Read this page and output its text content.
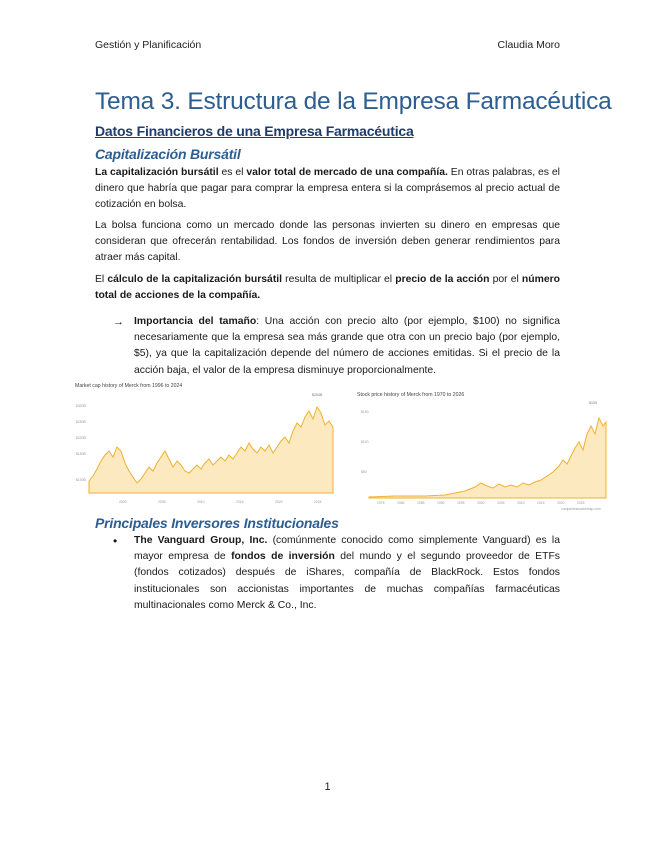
Gestión y Planificación	Claudia Moro
Tema 3. Estructura de la Empresa Farmacéutica
Datos Financieros de una Empresa Farmacéutica
Capitalización Bursátil

La capitalización bursátil es el valor total de mercado de una compañía. En otras palabras, es el dinero que habría que pagar para comprar la empresa entera si la comprásemos al precio actual de cotización en bolsa.

La bolsa funciona como un mercado donde las personas invierten su dinero en empresas que consideran que ofrecerán rentabilidad. Los fondos de inversión deben generar rendimientos para atraer más capital.

El cálculo de la capitalización bursátil resulta de multiplicar el precio de la acción por el número total de acciones de la compañía.

→ Importancia del tamaño: Una acción con precio alto (por ejemplo, $100) no significa necesariamente que la empresa sea más grande que otra con un precio bajo (por ejemplo, $5), ya que la capitalización depende del número de acciones emitidas. Si el precio de la acción baja, el valor de la empresa disminuye proporcionalmente.

Market cap history of Merck from 1996 to 2024
$254B
$300B
$250B
$200B
$150B
$100B
2000	2005	2010	2015	2020	2024
Stock price history of Merck from 1970 to 2026
$109
$150
$100
$50
1975	1980	1985	1990	1995	2000	2005	2010	2015	2020	2025
companiesmarketcap.com
Principales Inversores Institucionales
• The Vanguard Group, Inc. (comúnmente conocido como simplemente Vanguard) es la mayor empresa de fondos de inversión del mundo y el segundo proveedor de ETFs (fondos cotizados) después de iShares, compañía de BlackRock. Estos fondos institucionales son accionistas importantes de muchas compañías farmacéuticas multinacionales como Merck & Co., Inc.

1
